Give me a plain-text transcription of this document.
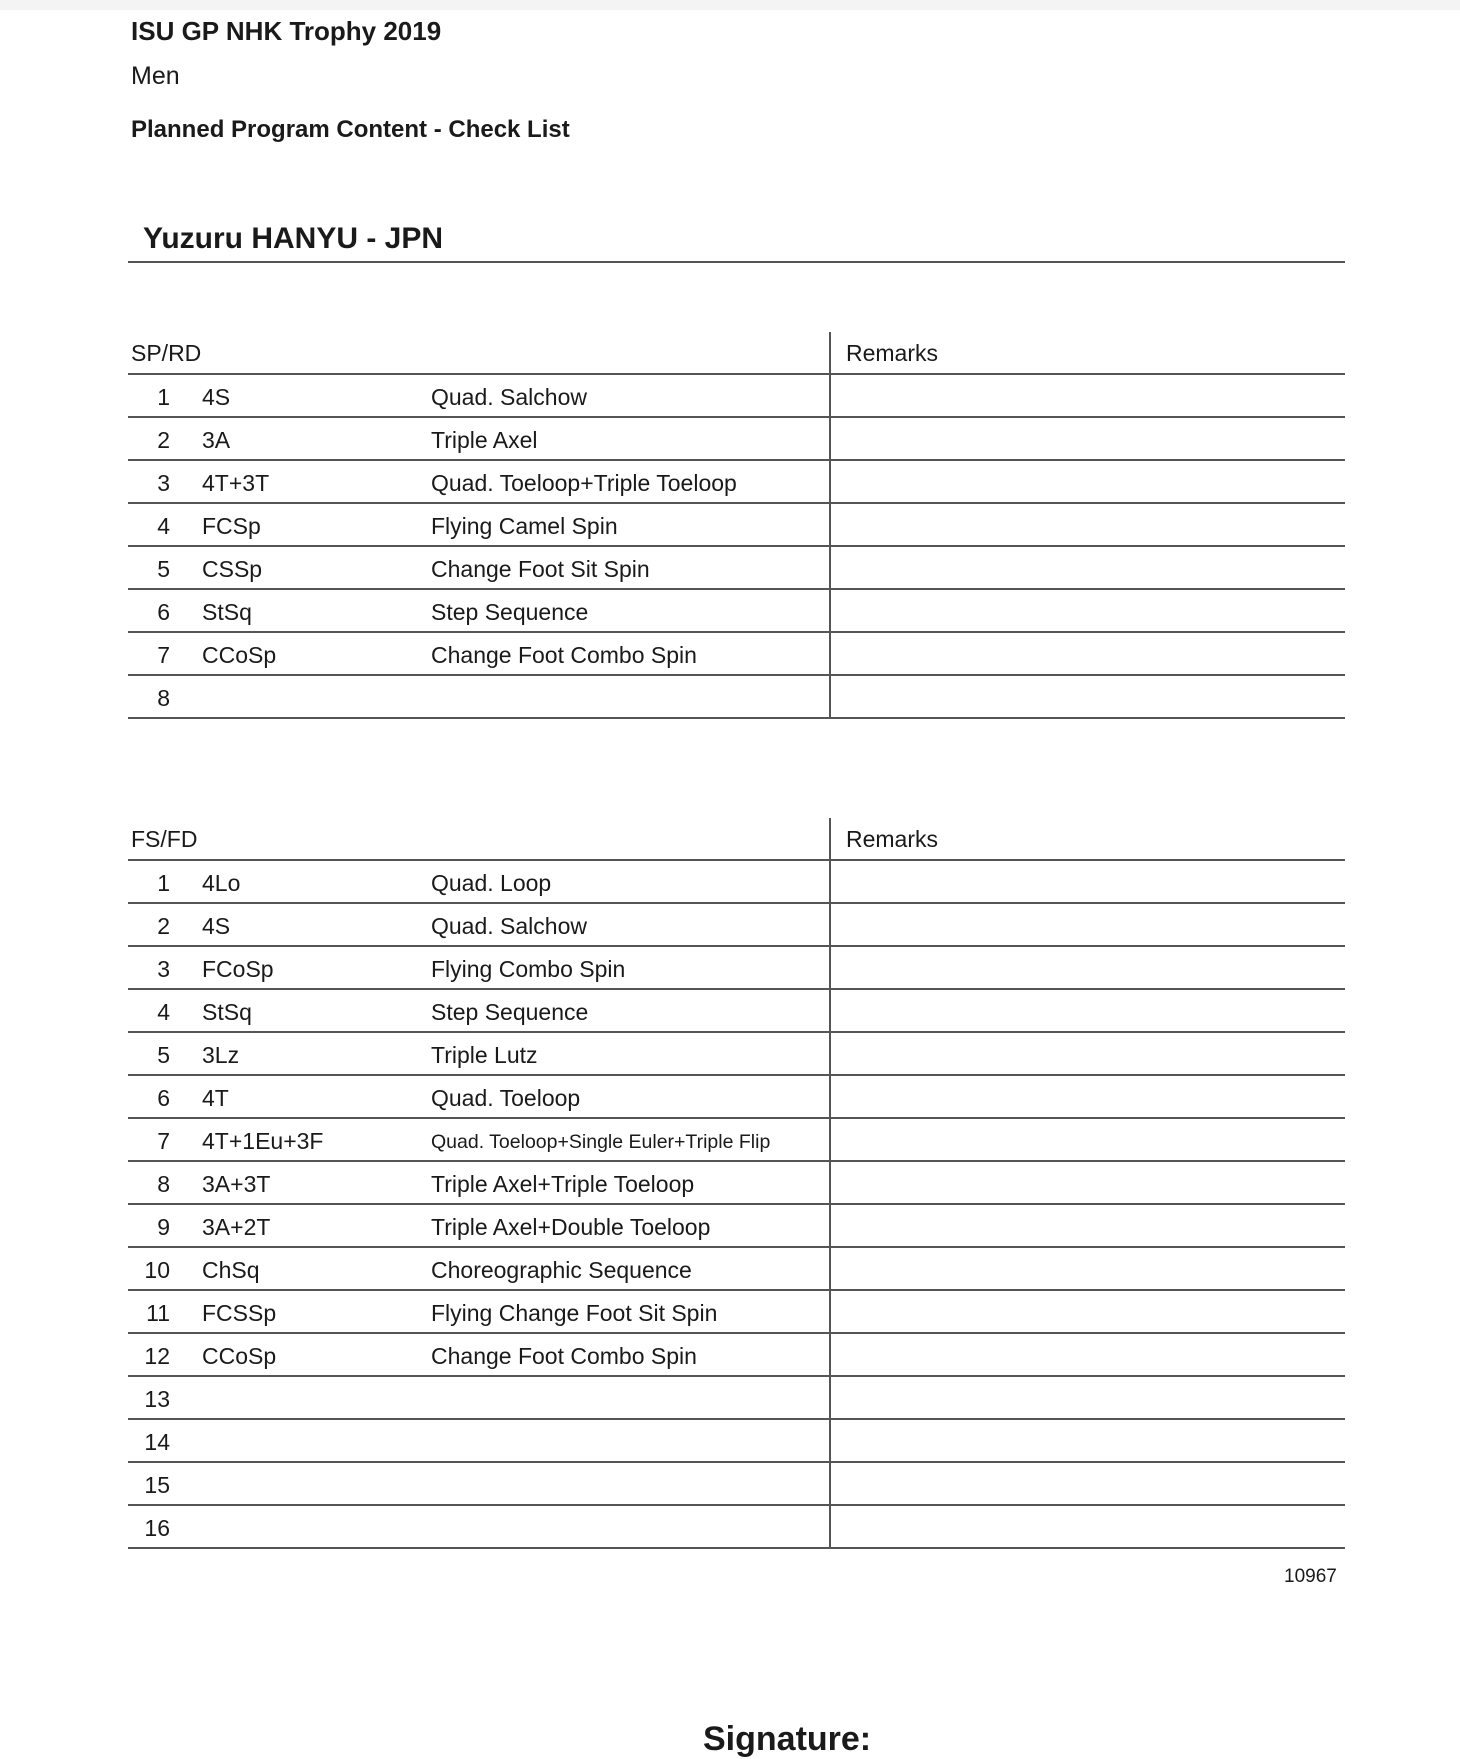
ISU GP NHK Trophy 2019
Men
Planned Program Content - Check List
Yuzuru HANYU - JPN
SP/RD	Remarks
1 4S	Quad. Salchow
2 3A	Triple Axel
3 4T+3T	Quad. Toeloop+Triple Toeloop
4 FCSp	Flying Camel Spin
5 CSSp	Change Foot Sit Spin
6 StSq	Step Sequence
7 CCoSp	Change Foot Combo Spin
8
FS/FD	Remarks
1 4Lo	Quad. Loop
2 4S	Quad. Salchow
3 FCoSp	Flying Combo Spin
4 StSq	Step Sequence
5 3Lz	Triple Lutz
6 4T	Quad. Toeloop
7 4T+1Eu+3F	Quad. Toeloop+Single Euler+Triple Flip
8 3A+3T	Triple Axel+Triple Toeloop
9 3A+2T	Triple Axel+Double Toeloop
10 ChSq	Choreographic Sequence
11 FCSSp	Flying Change Foot Sit Spin
12 CCoSp	Change Foot Combo Spin
13
14
15
16
10967
Signature:
